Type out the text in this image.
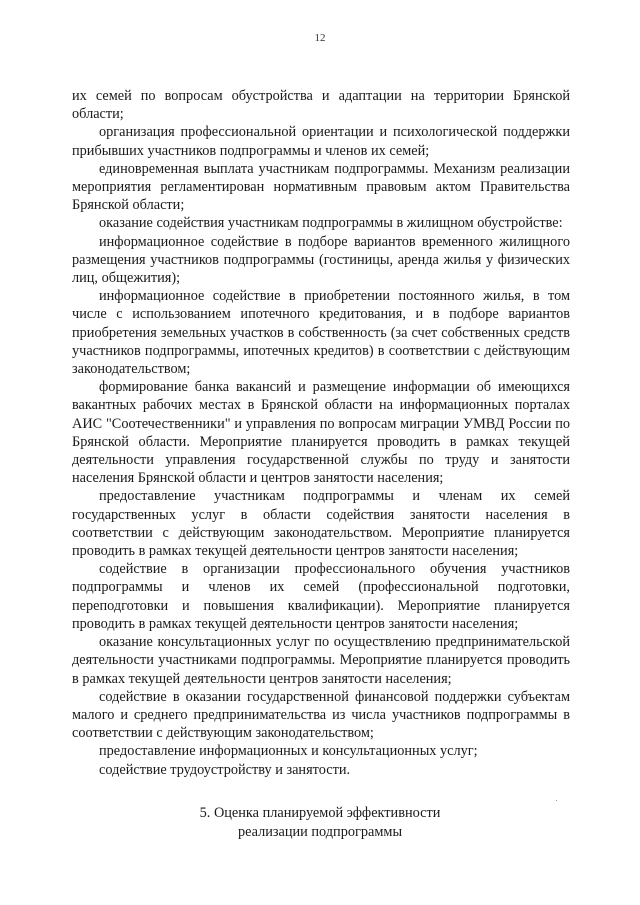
12

их семей по вопросам обустройства и адаптации на территории Брянской области;

организация профессиональной ориентации и психологической поддержки прибывших участников подпрограммы и членов их семей;

единовременная выплата участникам подпрограммы. Механизм реализации мероприятия регламентирован нормативным правовым актом Правительства Брянской области;

оказание содействия участникам подпрограммы в жилищном обустройстве:

информационное содействие в подборе вариантов временного жилищного размещения участников подпрограммы (гостиницы, аренда жилья у физических лиц, общежития);

информационное содействие в приобретении постоянного жилья, в том числе с использованием ипотечного кредитования, и в подборе вариантов приобретения земельных участков в собственность (за счет собственных средств участников подпрограммы, ипотечных кредитов) в соответствии с действующим законодательством;

формирование банка вакансий и размещение информации об имеющихся вакантных рабочих местах в Брянской области на информационных порталах АИС "Соотечественники" и управления по вопросам миграции УМВД России по Брянской области. Мероприятие планируется проводить в рамках текущей деятельности управления государственной службы по труду и занятости населения Брянской области и центров занятости населения;

предоставление участникам подпрограммы и членам их семей государственных услуг в области содействия занятости населения в соответствии с действующим законодательством. Мероприятие планируется проводить в рамках текущей деятельности центров занятости населения;

содействие в организации профессионального обучения участников подпрограммы и членов их семей (профессиональной подготовки, переподготовки и повышения квалификации). Мероприятие планируется проводить в рамках текущей деятельности центров занятости населения;

оказание консультационных услуг по осуществлению предпринимательской деятельности участниками подпрограммы. Мероприятие планируется проводить в рамках текущей деятельности центров занятости населения;

содействие в оказании государственной финансовой поддержки субъектам малого и среднего предпринимательства из числа участников подпрограммы в соответствии с действующим законодательством;

предоставление информационных и консультационных услуг;

содействие трудоустройству и занятости.

5. Оценка планируемой эффективности
реализации подпрограммы
